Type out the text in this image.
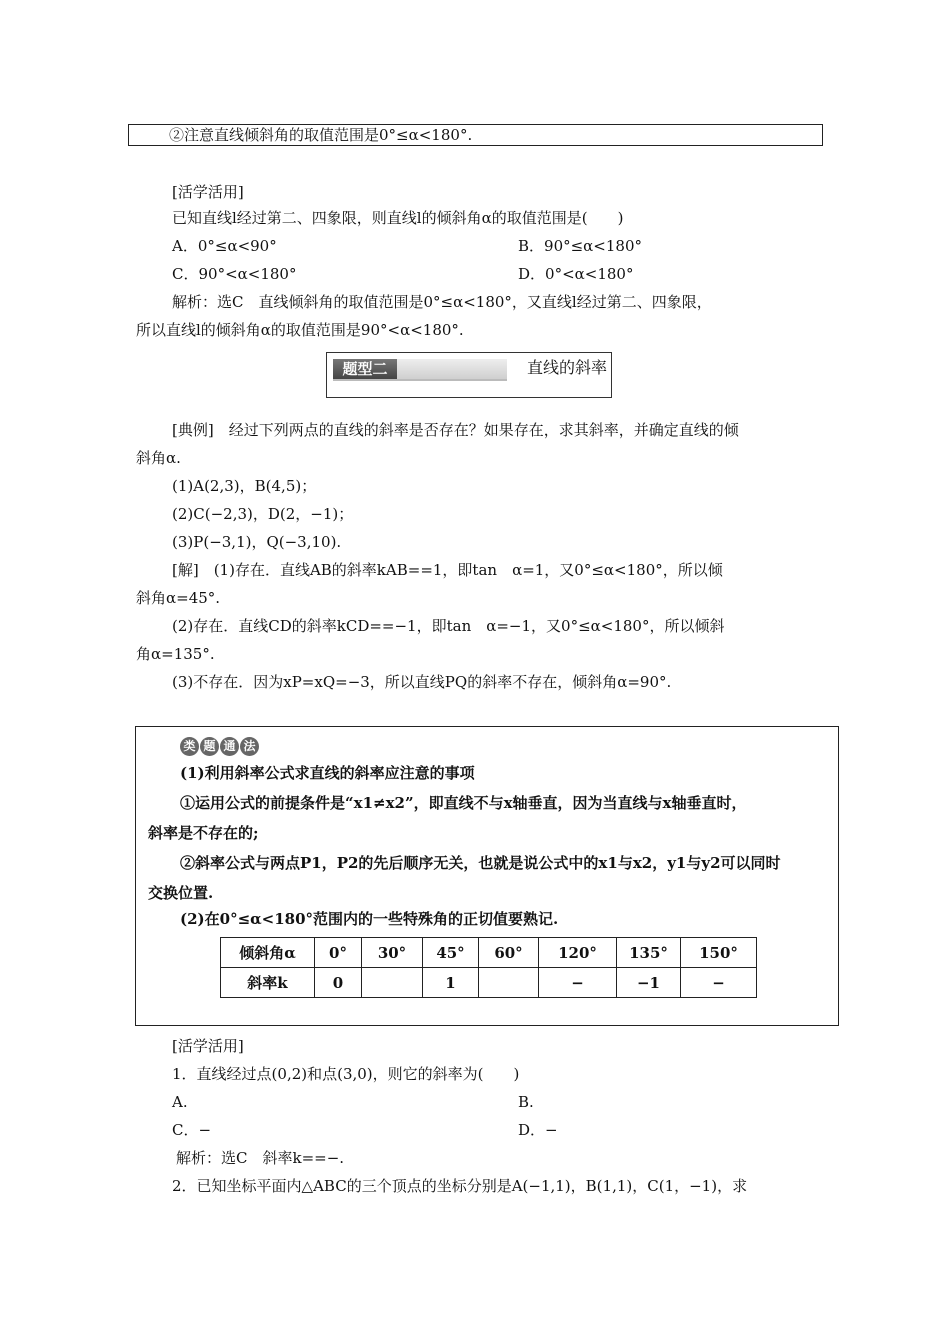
②注意直线倾斜角的取值范围是0°≤α<180°.
[活学活用]
已知直线l经过第二、四象限，则直线l的倾斜角α的取值范围是(　　)
A．0°≤α<90°	B．90°≤α<180°
C．90°<α<180°	D．0°<α<180°
解析：选C　直线倾斜角的取值范围是0°≤α<180°，又直线l经过第二、四象限，
所以直线l的倾斜角α的取值范围是90°<α<180°.
题型二	直线的斜率
[典例]　经过下列两点的直线的斜率是否存在？如果存在，求其斜率，并确定直线的倾
斜角α.
(1)A(2,3)，B(4,5)；
(2)C(−2,3)，D(2，−1)；
(3)P(−3,1)，Q(−3,10).
[解]　(1)存在．直线AB的斜率kAB==1，即tan　α=1，又0°≤α<180°，所以倾
斜角α=45°.
(2)存在．直线CD的斜率kCD==−1，即tan　α=−1，又0°≤α<180°，所以倾斜
角α=135°.
(3)不存在．因为xP=xQ=−3，所以直线PQ的斜率不存在，倾斜角α=90°.
类 题 通 法
(1)利用斜率公式求直线的斜率应注意的事项
①运用公式的前提条件是“x1≠x2”，即直线不与x轴垂直，因为当直线与x轴垂直时，
斜率是不存在的;
②斜率公式与两点P1，P2的先后顺序无关，也就是说公式中的x1与x2，y1与y2可以同时
交换位置.
(2)在0°≤α<180°范围内的一些特殊角的正切值要熟记.
倾斜角α	0°	30°	45°	60°	120°	135°	150°
斜率k	0		1		−	−1	−
[活学活用]
1．直线经过点(0,2)和点(3,0)，则它的斜率为(　　)
A.	B.
C．−	D．−
解析：选C　斜率k==−.
2．已知坐标平面内△ABC的三个顶点的坐标分别是A(−1,1)，B(1,1)，C(1，−1)，求
